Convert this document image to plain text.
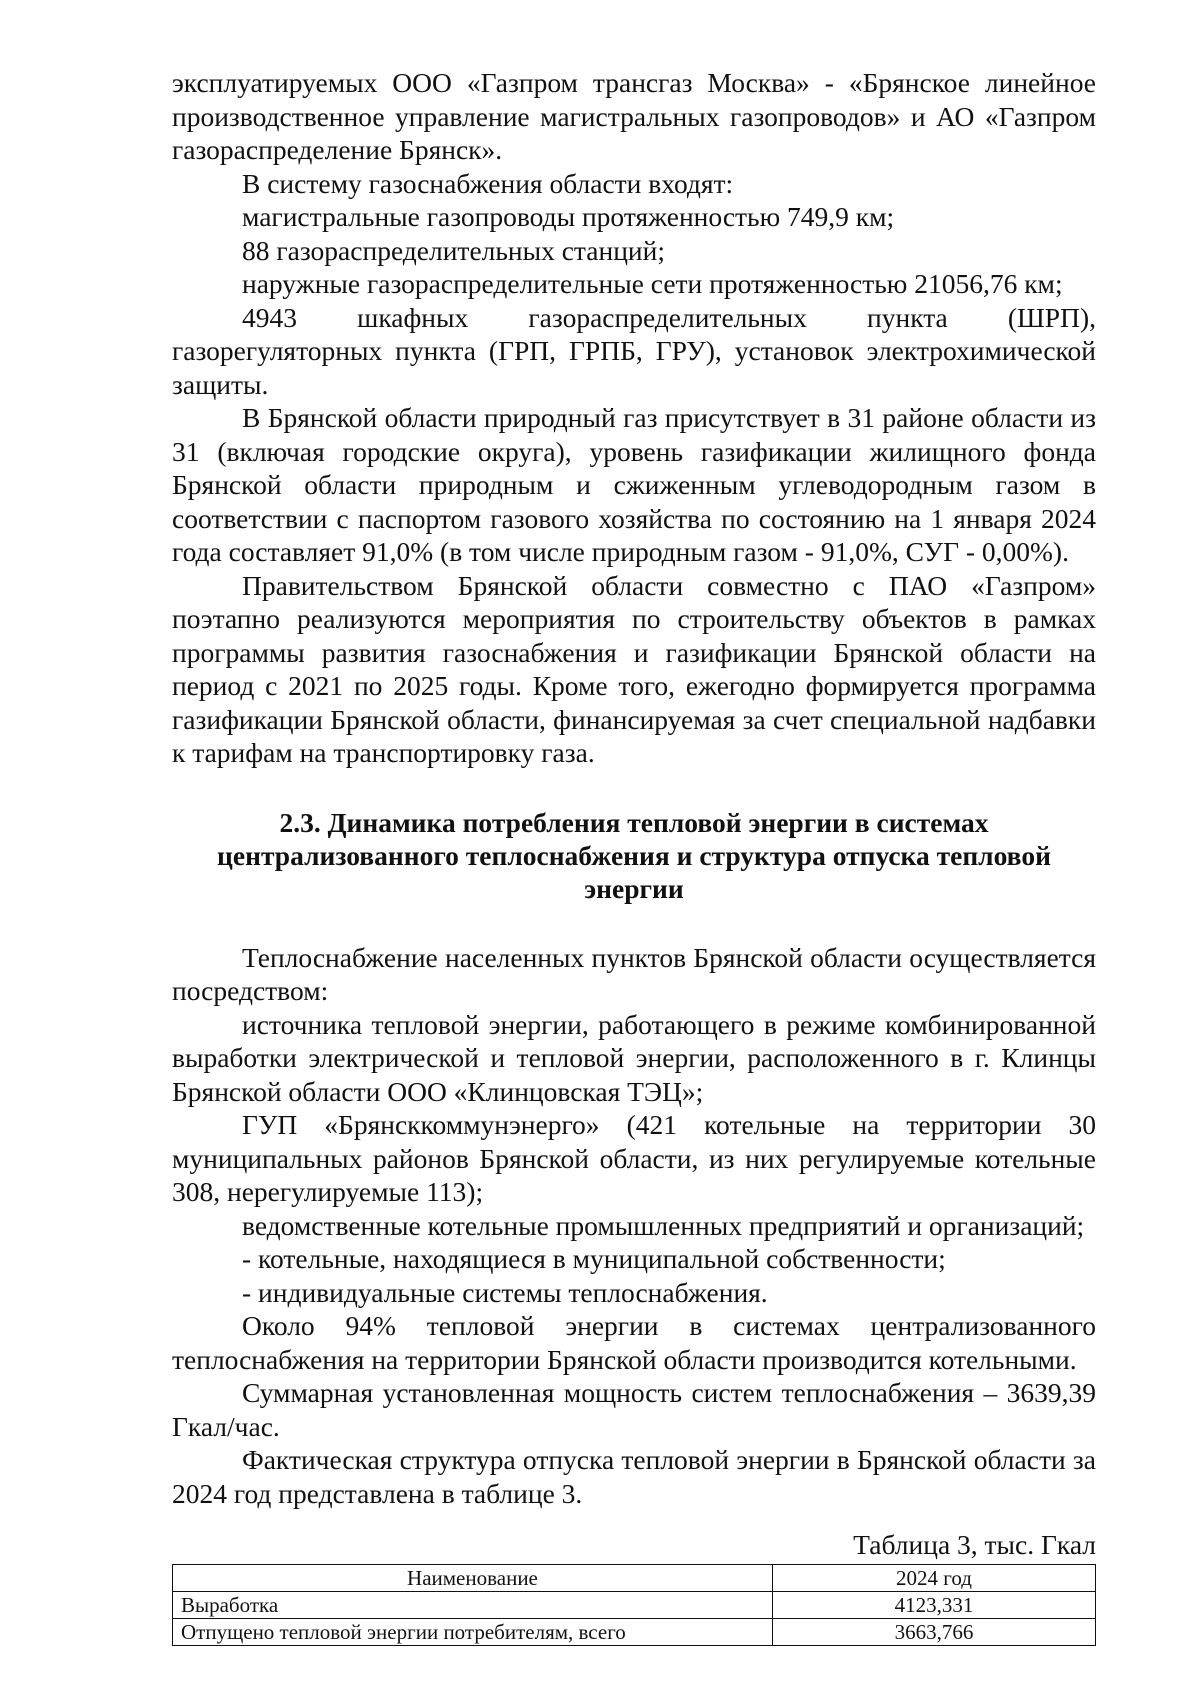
эксплуатируемых ООО «Газпром трансгаз Москва» - «Брянское линейное производственное управление магистральных газопроводов» и АО «Газпром газораспределение Брянск».

В систему газоснабжения области входят:

магистральные газопроводы протяженностью 749,9 км;

88 газораспределительных станций;

наружные газораспределительные сети протяженностью 21056,76 км;

4943 шкафных газораспределительных пункта (ШРП), газорегуляторных пункта (ГРП, ГРПБ, ГРУ), установок электрохимической защиты.

В Брянской области природный газ присутствует в 31 районе области из 31 (включая городские округа), уровень газификации жилищного фонда Брянской области природным и сжиженным углеводородным газом в соответствии с паспортом газового хозяйства по состоянию на 1 января 2024 года составляет 91,0% (в том числе природным газом - 91,0%, СУГ - 0,00%).

Правительством Брянской области совместно с ПАО «Газпром» поэтапно реализуются мероприятия по строительству объектов в рамках программы развития газоснабжения и газификации Брянской области на период с 2021 по 2025 годы. Кроме того, ежегодно формируется программа газификации Брянской области, финансируемая за счет специальной надбавки к тарифам на транспортировку газа.

2.3. Динамика потребления тепловой энергии в системах централизованного теплоснабжения и структура отпуска тепловой энергии

Теплоснабжение населенных пунктов Брянской области осуществляется посредством:

источника тепловой энергии, работающего в режиме комбинированной выработки электрической и тепловой энергии, расположенного в г. Клинцы Брянской области ООО «Клинцовская ТЭЦ»;

ГУП «Брянсккоммунэнерго» (421 котельные на территории 30 муниципальных районов Брянской области, из них регулируемые котельные 308, нерегулируемые 113);

ведомственные котельные промышленных предприятий и организаций;

- котельные, находящиеся в муниципальной собственности;

- индивидуальные системы теплоснабжения.

Около 94% тепловой энергии в системах централизованного теплоснабжения на территории Брянской области производится котельными.

Суммарная установленная мощность систем теплоснабжения – 3639,39 Гкал/час.

Фактическая структура отпуска тепловой энергии в Брянской области за 2024 год представлена в таблице 3.

Таблица 3, тыс. Гкал

Наименование	2024 год
Выработка	4123,331
Отпущено тепловой энергии потребителям, всего	3663,766
